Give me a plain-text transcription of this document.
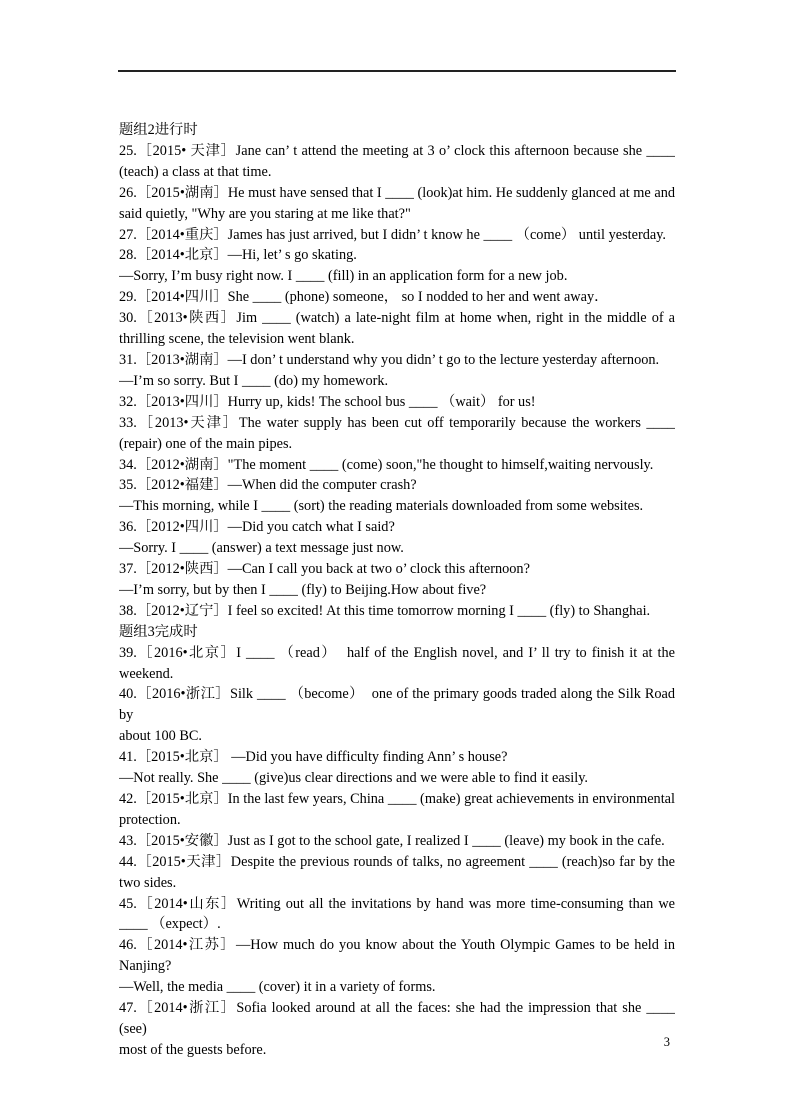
题组2进行时
25.［2015• 天津］Jane can’ t attend the meeting at 3 o’ clock this afternoon because she ____
(teach) a class at that time.
26.［2015•湖南］He must have sensed that I ____ (look)at him. He suddenly glanced at me and
said quietly, "Why are you staring at me like that?"
27.［2014•重庆］James has just arrived, but I didn’ t know he ____ （come） until yesterday.
28.［2014•北京］—Hi, let’ s go skating.
—Sorry, I’m busy right now. I ____ (fill) in an application form for a new job.
29.［2014•四川］She ____ (phone) someone， so I nodded to her and went away．
30.［2013•陕西］Jim ____ (watch) a late-night film at home when, right in the middle of a
thrilling scene, the television went blank.
31.［2013•湖南］—I don’ t understand why you didn’ t go to the lecture yesterday afternoon.
—I’m so sorry. But I ____ (do) my homework.
32.［2013•四川］Hurry up, kids! The school bus ____ （wait） for us!
33.［2013•天津］The water supply has been cut off temporarily because the workers ____
(repair) one of the main pipes.
34.［2012•湖南］"The moment ____ (come) soon,"he thought to himself,waiting nervously.
35.［2012•福建］—When did the computer crash?
—This morning, while I ____ (sort) the reading materials downloaded from some websites.
36.［2012•四川］—Did you catch what I said?
—Sorry. I ____ (answer) a text message just now.
37.［2012•陕西］—Can I call you back at two o’ clock this afternoon?
—I’m sorry, but by then I ____ (fly) to Beijing.How about five?
38.［2012•辽宁］I feel so excited! At this time tomorrow morning I ____ (fly) to Shanghai.
题组3完成时
39.［2016•北京］I ____ （read）  half of the English novel, and I’ ll try to finish it at the
weekend.
40.［2016•浙江］Silk ____ （become）  one of the primary goods traded along the Silk Road by
about 100 BC.
41.［2015•北京］ —Did you have difficulty finding Ann’ s house?
—Not really. She ____ (give)us clear directions and we were able to find it easily.
42.［2015•北京］In the last few years, China ____ (make) great achievements in environmental
protection.
43.［2015•安徽］Just as I got to the school gate, I realized I ____ (leave) my book in the cafe.
44.［2015•天津］Despite the previous rounds of talks, no agreement ____ (reach)so far by the
two sides.
45.［2014•山东］Writing out all the invitations by hand was more time-consuming than we
____ （expect）.
46.［2014•江苏］—How much do you know about the Youth Olympic Games to be held in
Nanjing?
—Well, the media ____ (cover) it in a variety of forms.
47.［2014•浙江］Sofia looked around at all the faces: she had the impression that she ____ (see)
most of the guests before.	3
